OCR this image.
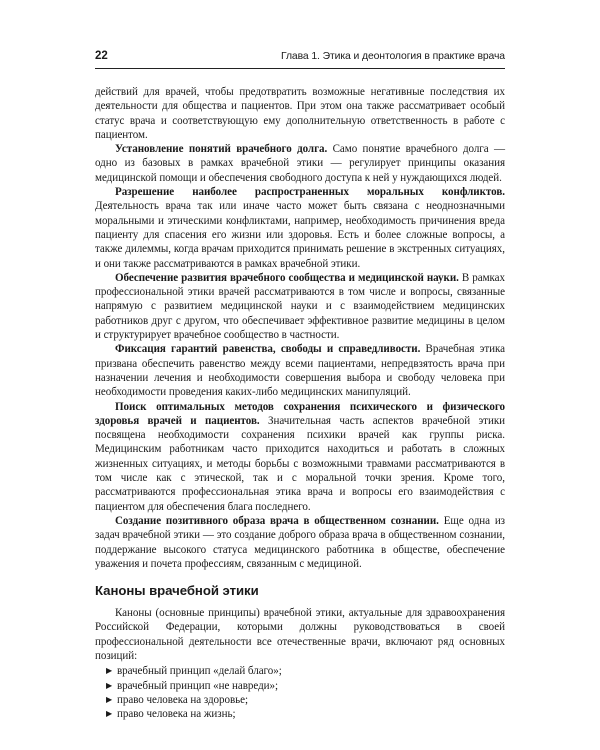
22	Глава 1. Этика и деонтология в практике врача

действий для врачей, чтобы предотвратить возможные негативные последствия их деятельности для общества и пациентов. При этом она также рассматривает особый статус врача и соответствующую ему дополнительную ответственность в работе с пациентом.

Установление понятий врачебного долга. Само понятие врачебного долга — одно из базовых в рамках врачебной этики — регулирует принципы оказания медицинской помощи и обеспечения свободного доступа к ней у нуждающихся людей.

Разрешение наиболее распространенных моральных конфликтов. Деятельность врача так или иначе часто может быть связана с неоднозначными моральными и этическими конфликтами, например, необходимость причинения вреда пациенту для спасения его жизни или здоровья. Есть и более сложные вопросы, а также дилеммы, когда врачам приходится принимать решение в экстренных ситуациях, и они также рассматриваются в рамках врачебной этики.

Обеспечение развития врачебного сообщества и медицинской науки. В рамках профессиональной этики врачей рассматриваются в том числе и вопросы, связанные напрямую с развитием медицинской науки и с взаимодействием медицинских работников друг с другом, что обеспечивает эффективное развитие медицины в целом и структурирует врачебное сообщество в частности.

Фиксация гарантий равенства, свободы и справедливости. Врачебная этика призвана обеспечить равенство между всеми пациентами, непредвзятость врача при назначении лечения и необходимости совершения выбора и свободу человека при необходимости проведения каких-либо медицинских манипуляций.

Поиск оптимальных методов сохранения психического и физического здоровья врачей и пациентов. Значительная часть аспектов врачебной этики посвящена необходимости сохранения психики врачей как группы риска. Медицинским работникам часто приходится находиться и работать в сложных жизненных ситуациях, и методы борьбы с возможными травмами рассматриваются в том числе как с этической, так и с моральной точки зрения. Кроме того, рассматриваются профессиональная этика врача и вопросы его взаимодействия с пациентом для обеспечения блага последнего.

Создание позитивного образа врача в общественном сознании. Еще одна из задач врачебной этики — это создание доброго образа врача в общественном сознании, поддержание высокого статуса медицинского работника в обществе, обеспечение уважения и почета профессиям, связанным с медициной.

Каноны врачебной этики

Каноны (основные принципы) врачебной этики, актуальные для здравоохранения Российской Федерации, которыми должны руководствоваться в своей профессиональной деятельности все отечественные врачи, включают ряд основных позиций:

▶ врачебный принцип «делай благо»;
▶ врачебный принцип «не навреди»;
▶ право человека на здоровье;
▶ право человека на жизнь;
